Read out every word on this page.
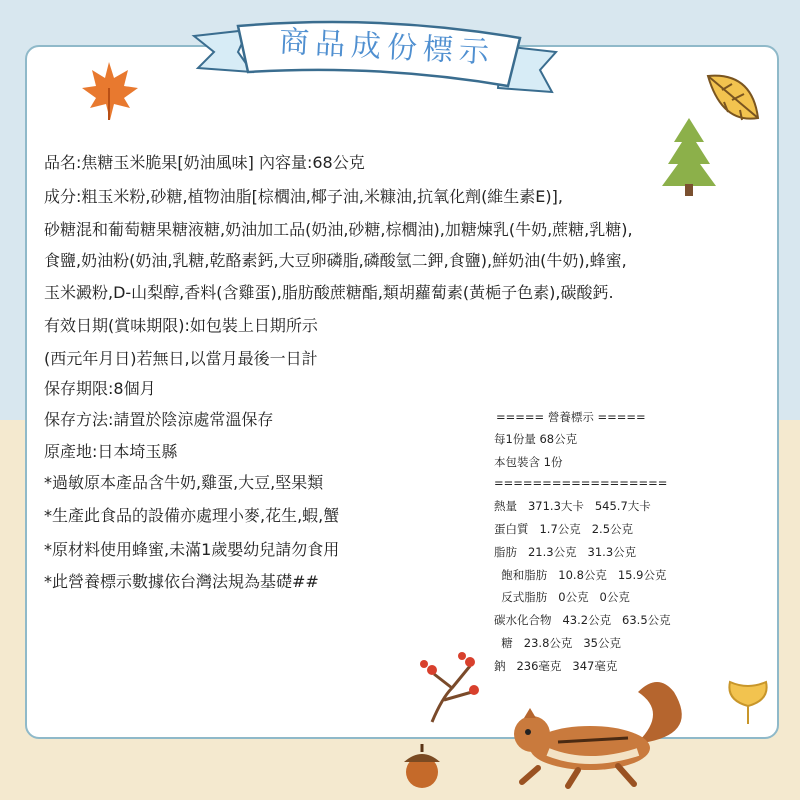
商品成份標示
品名:焦糖玉米脆果[奶油風味] 內容量:68公克
成分:粗玉米粉,砂糖,植物油脂[棕櫚油,椰子油,米糠油,抗氧化劑(維生素E)],
砂糖混和葡萄糖果糖液糖,奶油加工品(奶油,砂糖,棕櫚油),加糖煉乳(牛奶,蔗糖,乳糖),
食鹽,奶油粉(奶油,乳糖,乾酪素鈣,大豆卵磷脂,磷酸氫二鉀,食鹽),鮮奶油(牛奶),蜂蜜,
玉米澱粉,D-山梨醇,香料(含雞蛋),脂肪酸蔗糖酯,類胡蘿蔔素(黃梔子色素),碳酸鈣.
有效日期(賞味期限):如包裝上日期所示
(西元年月日)若無日,以當月最後一日計
保存期限:8個月
保存方法:請置於陰涼處常溫保存
原產地:日本埼玉縣
*過敏原本產品含牛奶,雞蛋,大豆,堅果類
*生產此食品的設備亦處理小麥,花生,蝦,蟹
*原材料使用蜂蜜,未滿1歲嬰幼兒請勿食用
*此營養標示數據依台灣法規為基礎##
===== 營養標示 =====
每1份量 68公克
本包裝含 1份
==================
熱量   371.3大卡   545.7大卡
蛋白質   1.7公克   2.5公克
脂肪   21.3公克   31.3公克
飽和脂肪   10.8公克   15.9公克
反式脂肪   0公克   0公克
碳水化合物   43.2公克   63.5公克
糖   23.8公克   35公克
鈉   236毫克   347毫克
